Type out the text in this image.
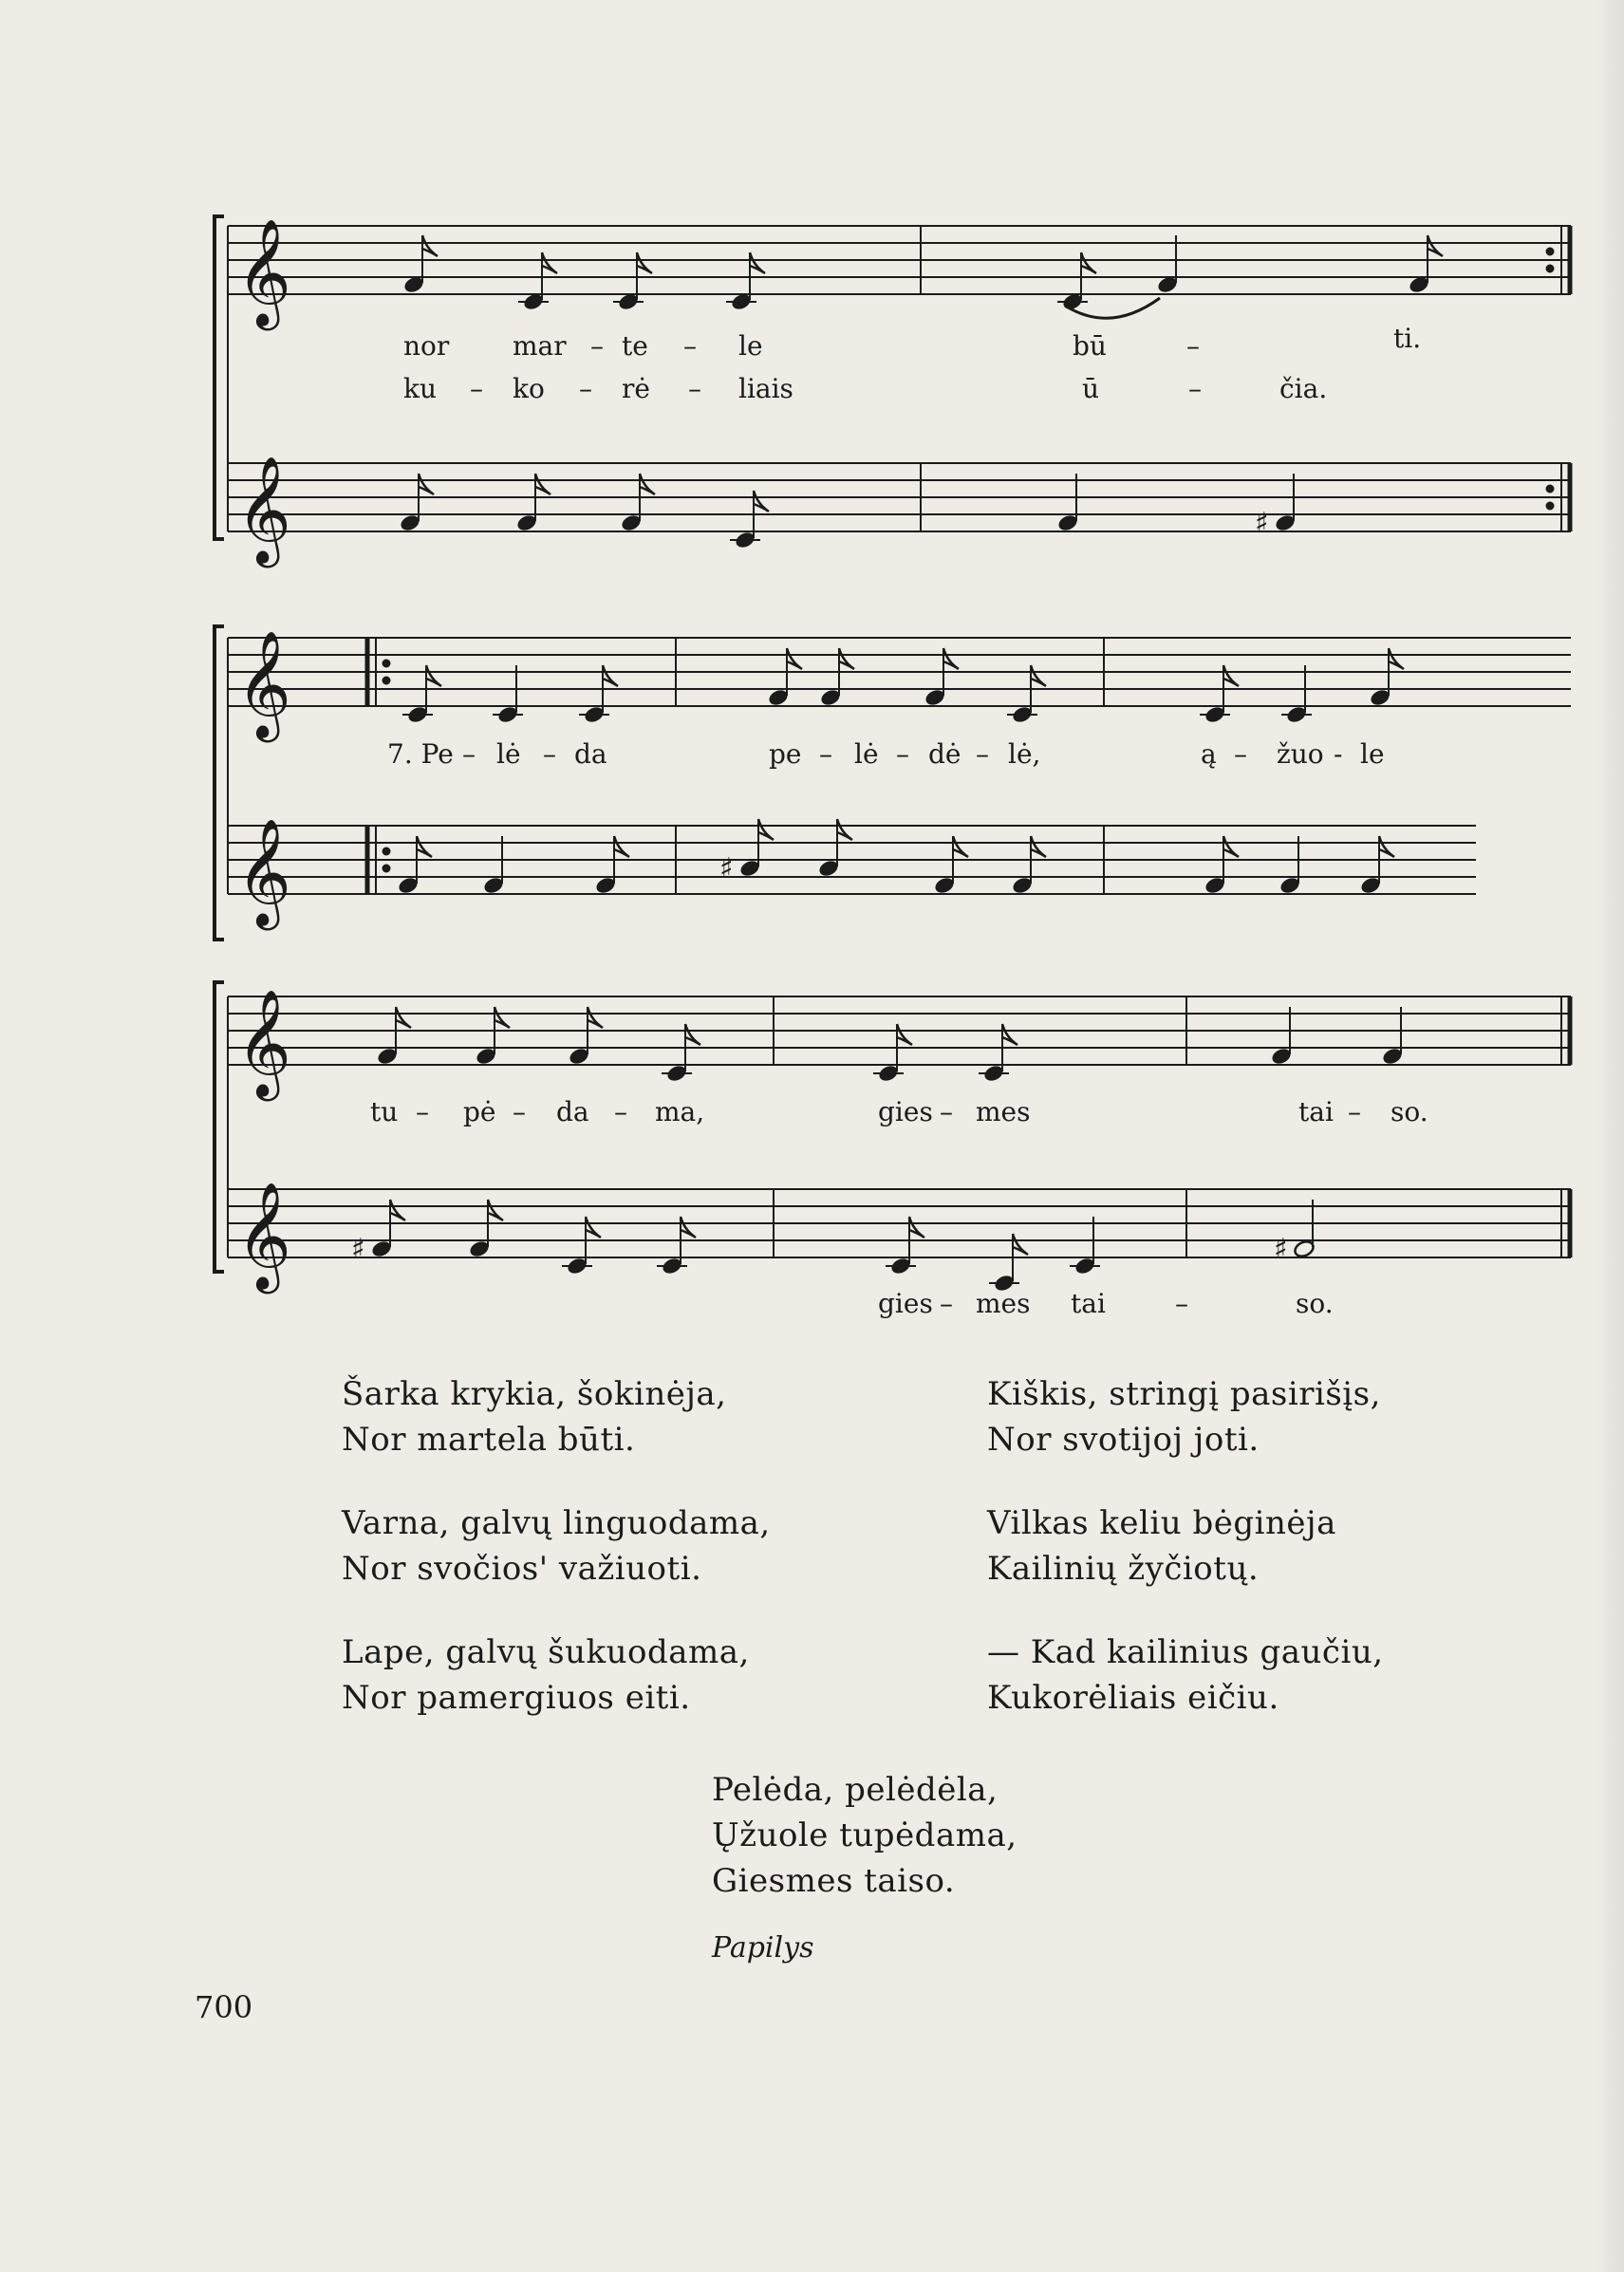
𝄞
𝄞
𝄞
𝄞
𝄞
𝄞
♯
♯
♯	♯
nor mar – te – le	bū	–	ti.
ku – ko – rė – liais	ū	–	čia.
7. Pe – lė – da	pe – lė – dė – lė,	ą – žuo - le
tu – pė – da – ma,	gies – mes	tai – so.
gies – mes tai	–	so.

Šarka krykia, šokinėja,
Nor martela būti.

Varna, galvų linguodama,
Nor svočios' važiuoti.

Lape, galvų šukuodama,
Nor pamergiuos eiti.

Kiškis, stringį pasirišįs,
Nor svotijoj joti.

Vilkas keliu bėginėja
Kailinių žyčiotų.

— Kad kailinius gaučiu,
Kukorėliais eičiu.

Pelėda, pelėdėla,
Ųžuole tupėdama,
Giesmes taiso.
Papilys
700
